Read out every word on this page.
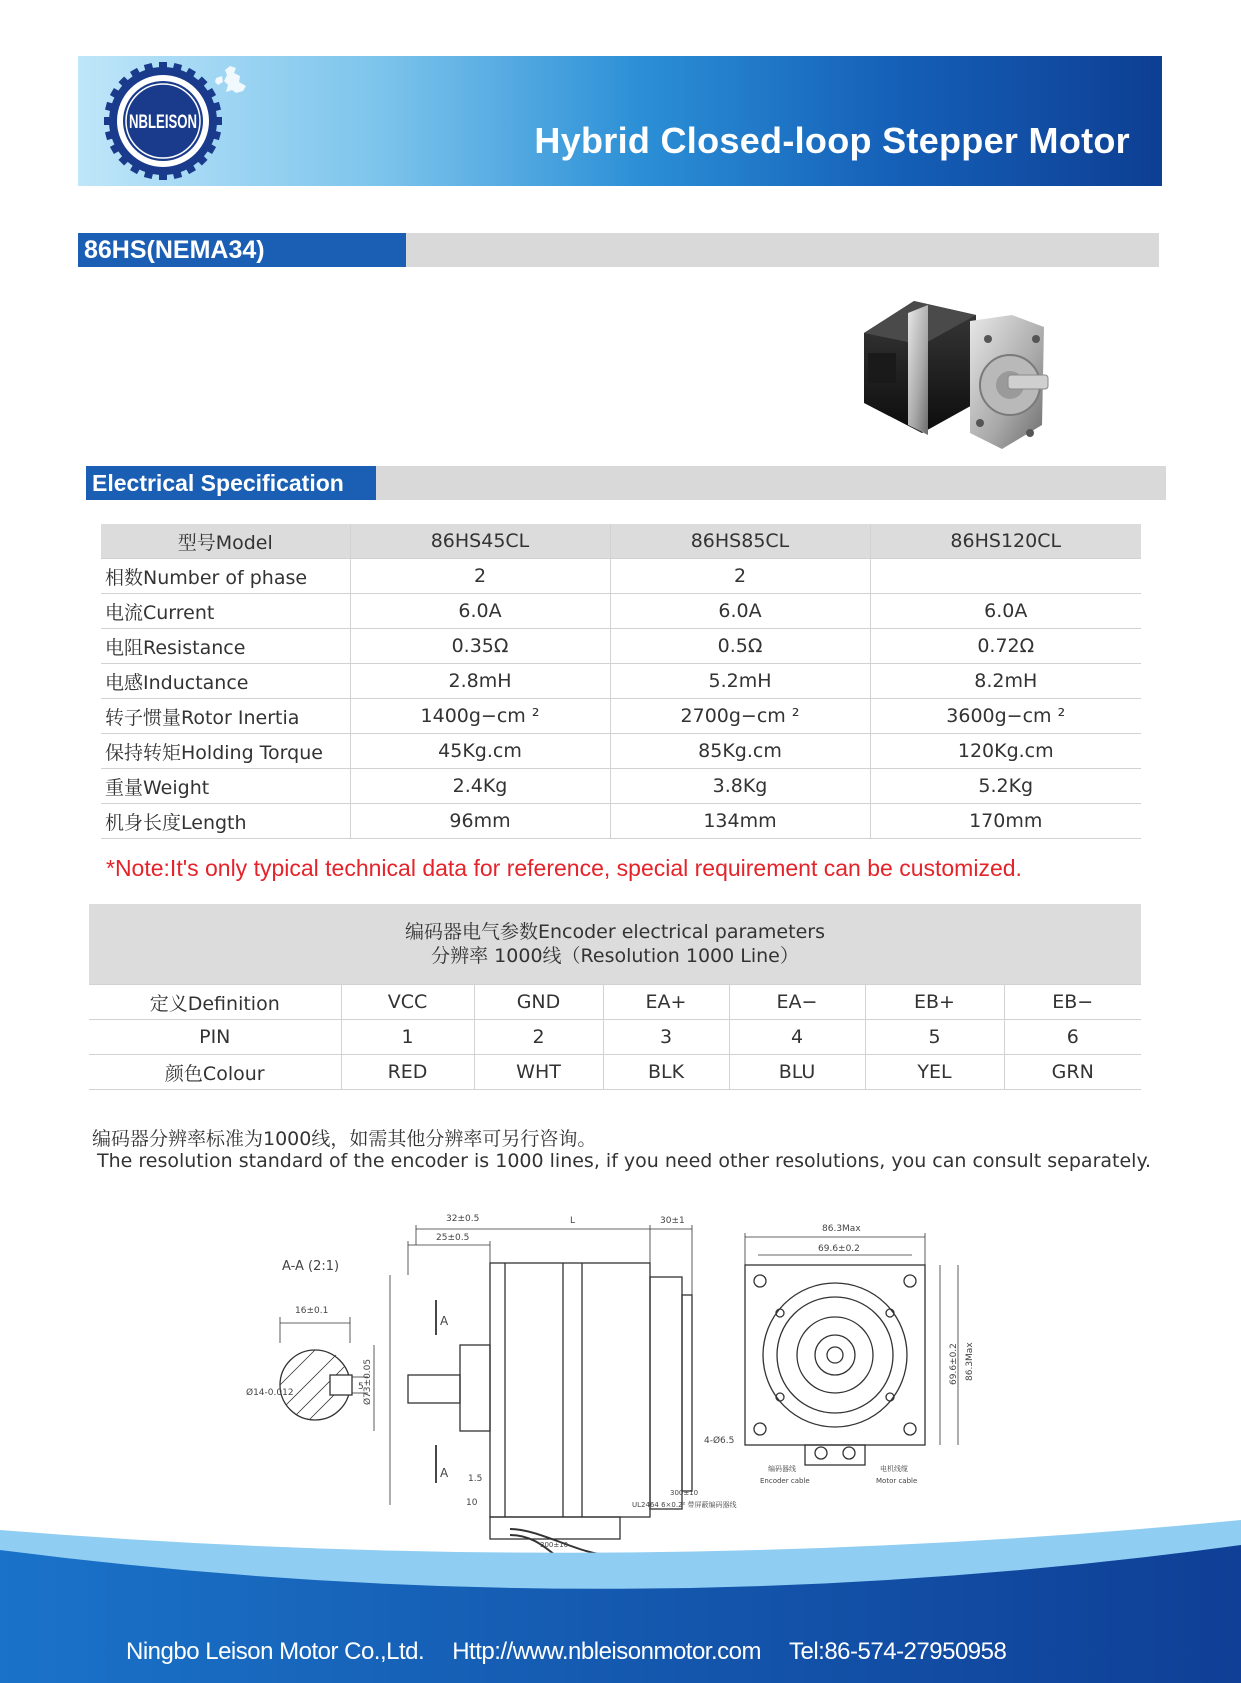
NBLEISON	Hybrid Closed-loop Stepper Motor
86HS(NEMA34)
Electrical Specification
型号Model	86HS45CL	86HS85CL	86HS120CL
相数Number of phase	2	2	
电流Current	6.0A	6.0A	6.0A
电阻Resistance	0.35Ω	0.5Ω	0.72Ω
电感Inductance	2.8mH	5.2mH	8.2mH
转子惯量Rotor Inertia	1400g−cm ²	2700g−cm ²	3600g−cm ²
保持转矩Holding Torque	45Kg.cm	85Kg.cm	120Kg.cm
重量Weight	2.4Kg	3.8Kg	5.2Kg
机身长度Length	96mm	134mm	170mm
*Note:It's only typical technical data for reference, special requirement can be customized.
编码器电气参数Encoder electrical parameters
分辨率 1000线（Resolution 1000 Line）						

定义Definition	VCC	GND	EA+	EA−	EB+	EB−
PIN	1	2	3	4	5	6
颜色Colour	RED	WHT	BLK	BLU	YEL	GRN
编码器分辨率标准为1000线，如需其他分辨率可另行咨询。
The resolution standard of the encoder is 1000 lines, if you need other resolutions, you can consult separately.
A-A (2:1)
16±0.1
Ø14-0.012
5
32±0.5
25±0.5
L	30±1
Ø73±0.05
1.5
10
A
A
86.3Max
69.6±0.2
69.6±0.2 86.3Max
4-Ø6.5
编码器线
Encoder cable
电机线缆
Motor cable
300±10
UL2464 6×0.2² 带屏蔽编码器线
300±10
Ningbo Leison Motor Co.,Ltd. Http://www.nbleisonmotor.com Tel:86-574-27950958
